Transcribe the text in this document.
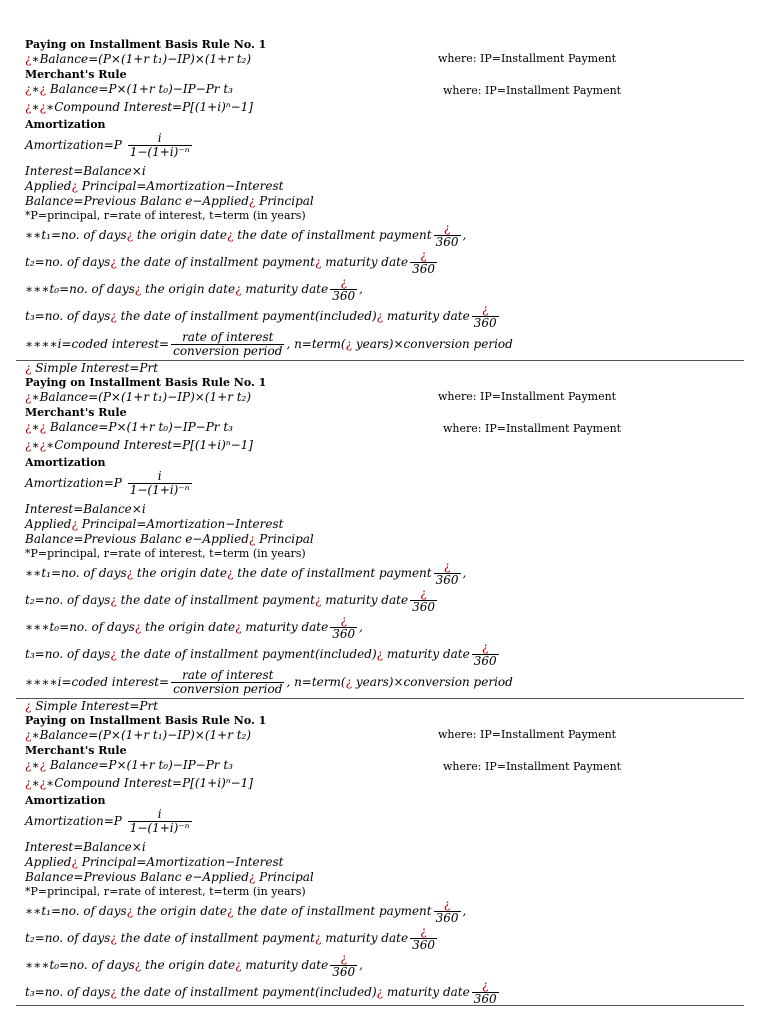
Paying on Installment Basis Rule No. 1
¿∗Balance=(P×(1+r t₁)−IP)×(1+r t₂)	where: IP=Installment Payment
Merchant's Rule
¿∗¿ Balance=P×(1+r t₀)−IP−Pr t₃	where: IP=Installment Payment
¿∗¿∗Compound Interest=P[(1+i)ⁿ−1]
Amortization
Amortization=P $\frac{i}{\text{1−(1+i)⁻ⁿ}}$
Interest=Balance×i
Applied¿ Principal=Amortization−Interest
Balance=Previous Balanc e−Applied¿ Principal
*P=principal, r=rate of interest, t=term (in years)
∗∗t₁=no. of days¿ the origin date¿ the date of installment payment $\frac{¿}{360}$ ,
t₂=no. of days¿ the date of installment payment¿ maturity date $\frac{¿}{360}$
∗∗∗t₀=no. of days¿ the origin date¿ maturity date $\frac{¿}{360}$ ,
t₃=no. of days¿ the date of installment payment(included)¿ maturity date $\frac{¿}{360}$
∗∗∗∗i=coded interest= $\frac{\text{rate of interest}}{\text{conversion period}}$ , n=term(¿ years)×conversion period
¿ Simple Interest=Prt
Paying on Installment Basis Rule No. 1
¿∗Balance=(P×(1+r t₁)−IP)×(1+r t₂)	where: IP=Installment Payment
Merchant's Rule
¿∗¿ Balance=P×(1+r t₀)−IP−Pr t₃	where: IP=Installment Payment
¿∗¿∗Compound Interest=P[(1+i)ⁿ−1]
Amortization
Amortization=P $\frac{i}{\text{1−(1+i)⁻ⁿ}}$
Interest=Balance×i
Applied¿ Principal=Amortization−Interest
Balance=Previous Balanc e−Applied¿ Principal
*P=principal, r=rate of interest, t=term (in years)
∗∗t₁=no. of days¿ the origin date¿ the date of installment payment $\frac{¿}{360}$ ,
t₂=no. of days¿ the date of installment payment¿ maturity date $\frac{¿}{360}$
∗∗∗t₀=no. of days¿ the origin date¿ maturity date $\frac{¿}{360}$ ,
t₃=no. of days¿ the date of installment payment(included)¿ maturity date $\frac{¿}{360}$
∗∗∗∗i=coded interest= $\frac{\text{rate of interest}}{\text{conversion period}}$ , n=term(¿ years)×conversion period
¿ Simple Interest=Prt
Paying on Installment Basis Rule No. 1
¿∗Balance=(P×(1+r t₁)−IP)×(1+r t₂)	where: IP=Installment Payment
Merchant's Rule
¿∗¿ Balance=P×(1+r t₀)−IP−Pr t₃	where: IP=Installment Payment
¿∗¿∗Compound Interest=P[(1+i)ⁿ−1]
Amortization
Amortization=P $\frac{i}{\text{1−(1+i)⁻ⁿ}}$
Interest=Balance×i
Applied¿ Principal=Amortization−Interest
Balance=Previous Balanc e−Applied¿ Principal
*P=principal, r=rate of interest, t=term (in years)
∗∗t₁=no. of days¿ the origin date¿ the date of installment payment $\frac{¿}{360}$ ,
t₂=no. of days¿ the date of installment payment¿ maturity date $\frac{¿}{360}$
∗∗∗t₀=no. of days¿ the origin date¿ maturity date $\frac{¿}{360}$ ,
t₃=no. of days¿ the date of installment payment(included)¿ maturity date $\frac{¿}{360}$
